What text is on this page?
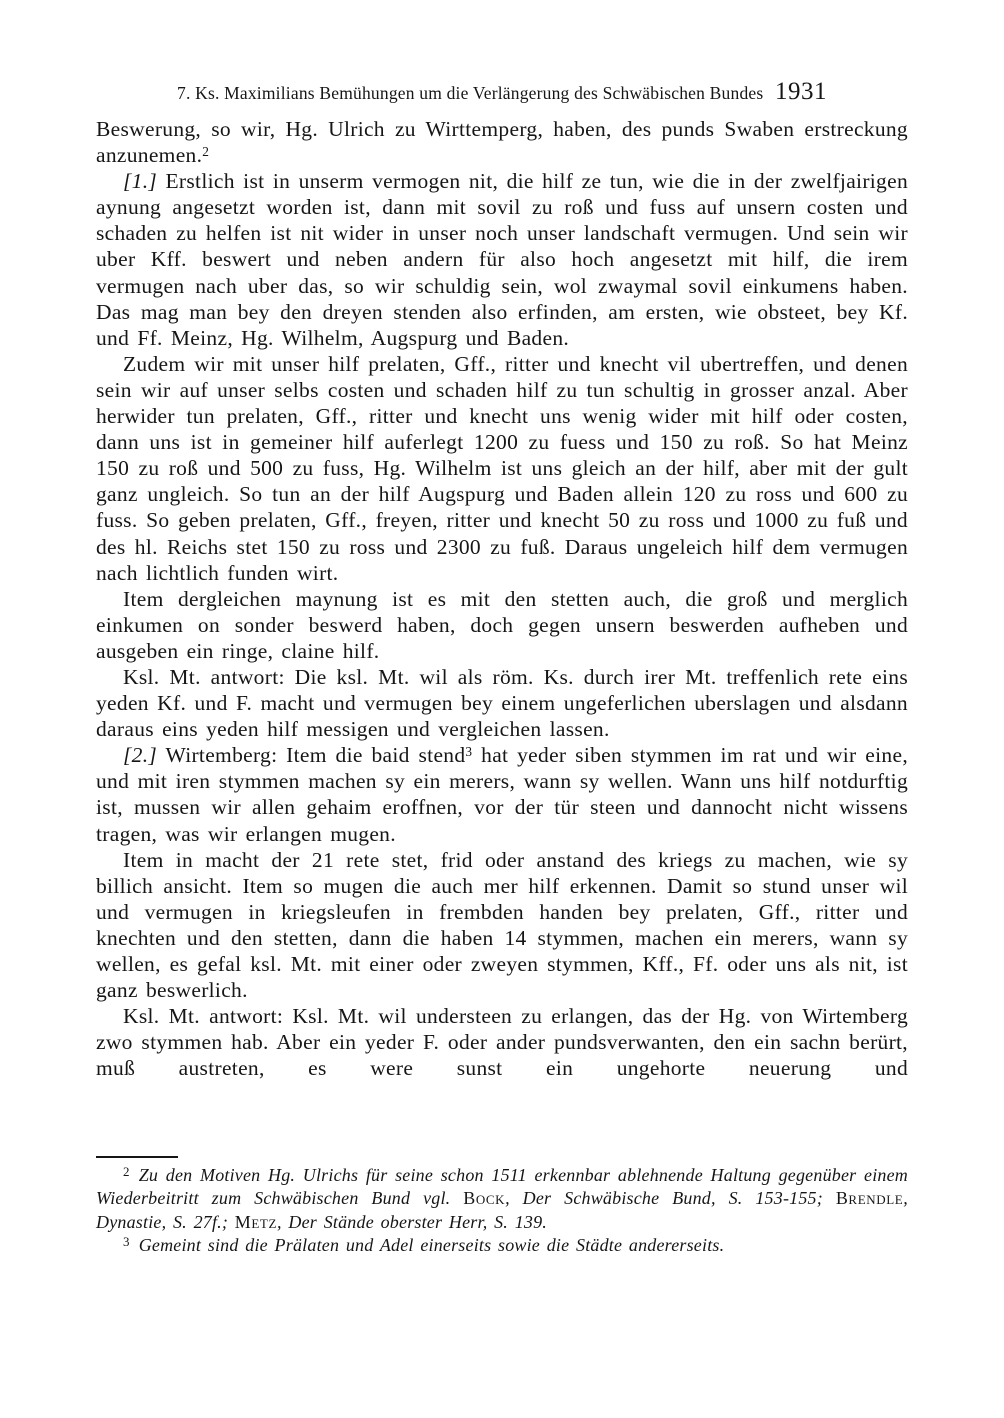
7. Ks. Maximilians Bemühungen um die Verlängerung des Schwäbischen Bundes 1931

Beswerung, so wir, Hg. Ulrich zu Wirttemperg, haben, des punds Swaben erstreckung anzunemen.$^2$

[1.] Erstlich ist in unserm vermogen nit, die hilf ze tun, wie die in der zwelfjairigen aynung angesetzt worden ist, dann mit sovil zu roß und fuss auf unsern costen und schaden zu helfen ist nit wider in unser noch unser landschaft vermugen. Und sein wir uber Kff. beswert und neben andern für also hoch angesetzt mit hilf, die irem vermugen nach uber das, so wir schuldig sein, wol zwaymal sovil einkumens haben. Das mag man bey den dreyen stenden also erfinden, am ersten, wie obsteet, bey Kf. und Ff. Meinz, Hg. Wilhelm, Augspurg und Baden.

Zudem wir mit unser hilf prelaten, Gff., ritter und knecht vil ubertreffen, und denen sein wir auf unser selbs costen und schaden hilf zu tun schultig in grosser anzal. Aber herwider tun prelaten, Gff., ritter und knecht uns wenig wider mit hilf oder costen, dann uns ist in gemeiner hilf auferlegt 1200 zu fuess und 150 zu roß. So hat Meinz 150 zu roß und 500 zu fuss, Hg. Wilhelm ist uns gleich an der hilf, aber mit der gult ganz ungleich. So tun an der hilf Augspurg und Baden allein 120 zu ross und 600 zu fuss. So geben prelaten, Gff., freyen, ritter und knecht 50 zu ross und 1000 zu fuß und des hl. Reichs stet 150 zu ross und 2300 zu fuß. Daraus ungeleich hilf dem vermugen nach lichtlich funden wirt.

Item dergleichen maynung ist es mit den stetten auch, die groß und merglich einkumen on sonder beswerd haben, doch gegen unsern beswerden aufheben und ausgeben ein ringe, claine hilf.

Ksl. Mt. antwort: Die ksl. Mt. wil als röm. Ks. durch irer Mt. treffenlich rete eins yeden Kf. und F. macht und vermugen bey einem ungeferlichen uberslagen und alsdann daraus eins yeden hilf messigen und vergleichen lassen.

[2.] Wirtemberg: Item die baid stend$^3$ hat yeder siben stymmen im rat und wir eine, und mit iren stymmen machen sy ein merers, wann sy wellen. Wann uns hilf notdurftig ist, mussen wir allen gehaim eroffnen, vor der tür steen und dannocht nicht wissens tragen, was wir erlangen mugen.

Item in macht der 21 rete stet, frid oder anstand des kriegs zu machen, wie sy billich ansicht. Item so mugen die auch mer hilf erkennen. Damit so stund unser wil und vermugen in kriegsleufen in frembden handen bey prelaten, Gff., ritter und knechten und den stetten, dann die haben 14 stymmen, machen ein merers, wann sy wellen, es gefal ksl. Mt. mit einer oder zweyen stymmen, Kff., Ff. oder uns als nit, ist ganz beswerlich.

Ksl. Mt. antwort: Ksl. Mt. wil understeen zu erlangen, das der Hg. von Wirtemberg zwo stymmen hab. Aber ein yeder F. oder ander pundsverwanten, den ein sachn berürt, muß austreten, es were sunst ein ungehorte neuerung und

$^2$ Zu den Motiven Hg. Ulrichs für seine schon 1511 erkennbar ablehnende Haltung gegenüber einem Wiederbeitritt zum Schwäbischen Bund vgl. Bock, Der Schwäbische Bund, S. 153-155; Brendle, Dynastie, S. 27f.; Metz, Der Stände oberster Herr, S. 139.

$^3$ Gemeint sind die Prälaten und Adel einerseits sowie die Städte andererseits.
